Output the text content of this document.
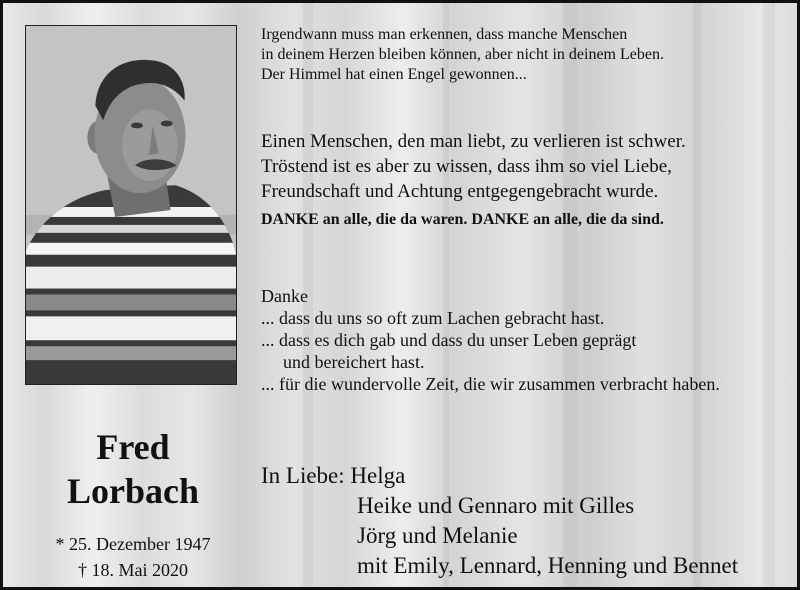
Fred
Lorbach
* 25. Dezember 1947
† 18. Mai 2020
Irgendwann muss man erkennen, dass manche Menschen
in deinem Herzen bleiben können, aber nicht in deinem Leben.
Der Himmel hat einen Engel gewonnen...
Einen Menschen, den man liebt, zu verlieren ist schwer.
Tröstend ist es aber zu wissen, dass ihm so viel Liebe,
Freundschaft und Achtung entgegengebracht wurde.
DANKE an alle, die da waren. DANKE an alle, die da sind.
Danke
... dass du uns so oft zum Lachen gebracht hast.
... dass es dich gab und dass du unser Leben geprägt
und bereichert hast.
... für die wundervolle Zeit, die wir zusammen verbracht haben.
In Liebe: Helga
Heike und Gennaro mit Gilles
Jörg und Melanie
mit Emily, Lennard, Henning und Bennet
